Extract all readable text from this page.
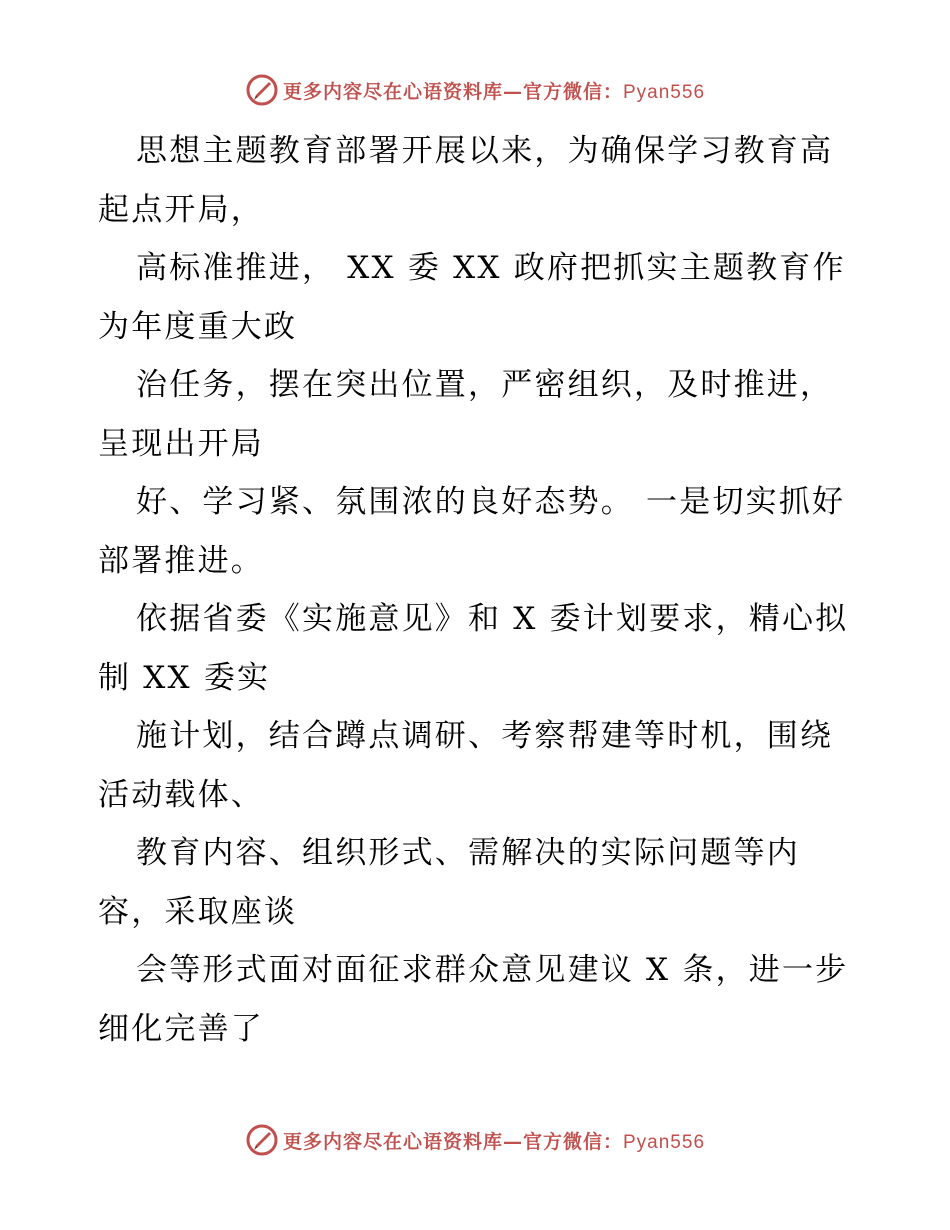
更多内容尽在心语资料库—官方微信：Pyan556

思想主题教育部署开展以来，为确保学习教育高起点开局，

高标准推进， XX 委 XX 政府把抓实主题教育作为年度重大政

治任务，摆在突出位置，严密组织，及时推进，呈现出开局

好、学习紧、氛围浓的良好态势。 一是切实抓好部署推进。

依据省委《实施意见》和 X 委计划要求，精心拟制 XX 委实

施计划，结合蹲点调研、考察帮建等时机，围绕活动载体、

教育内容、组织形式、需解决的实际问题等内容，采取座谈

会等形式面对面征求群众意见建议 X 条，进一步细化完善了

更多内容尽在心语资料库—官方微信：Pyan556
